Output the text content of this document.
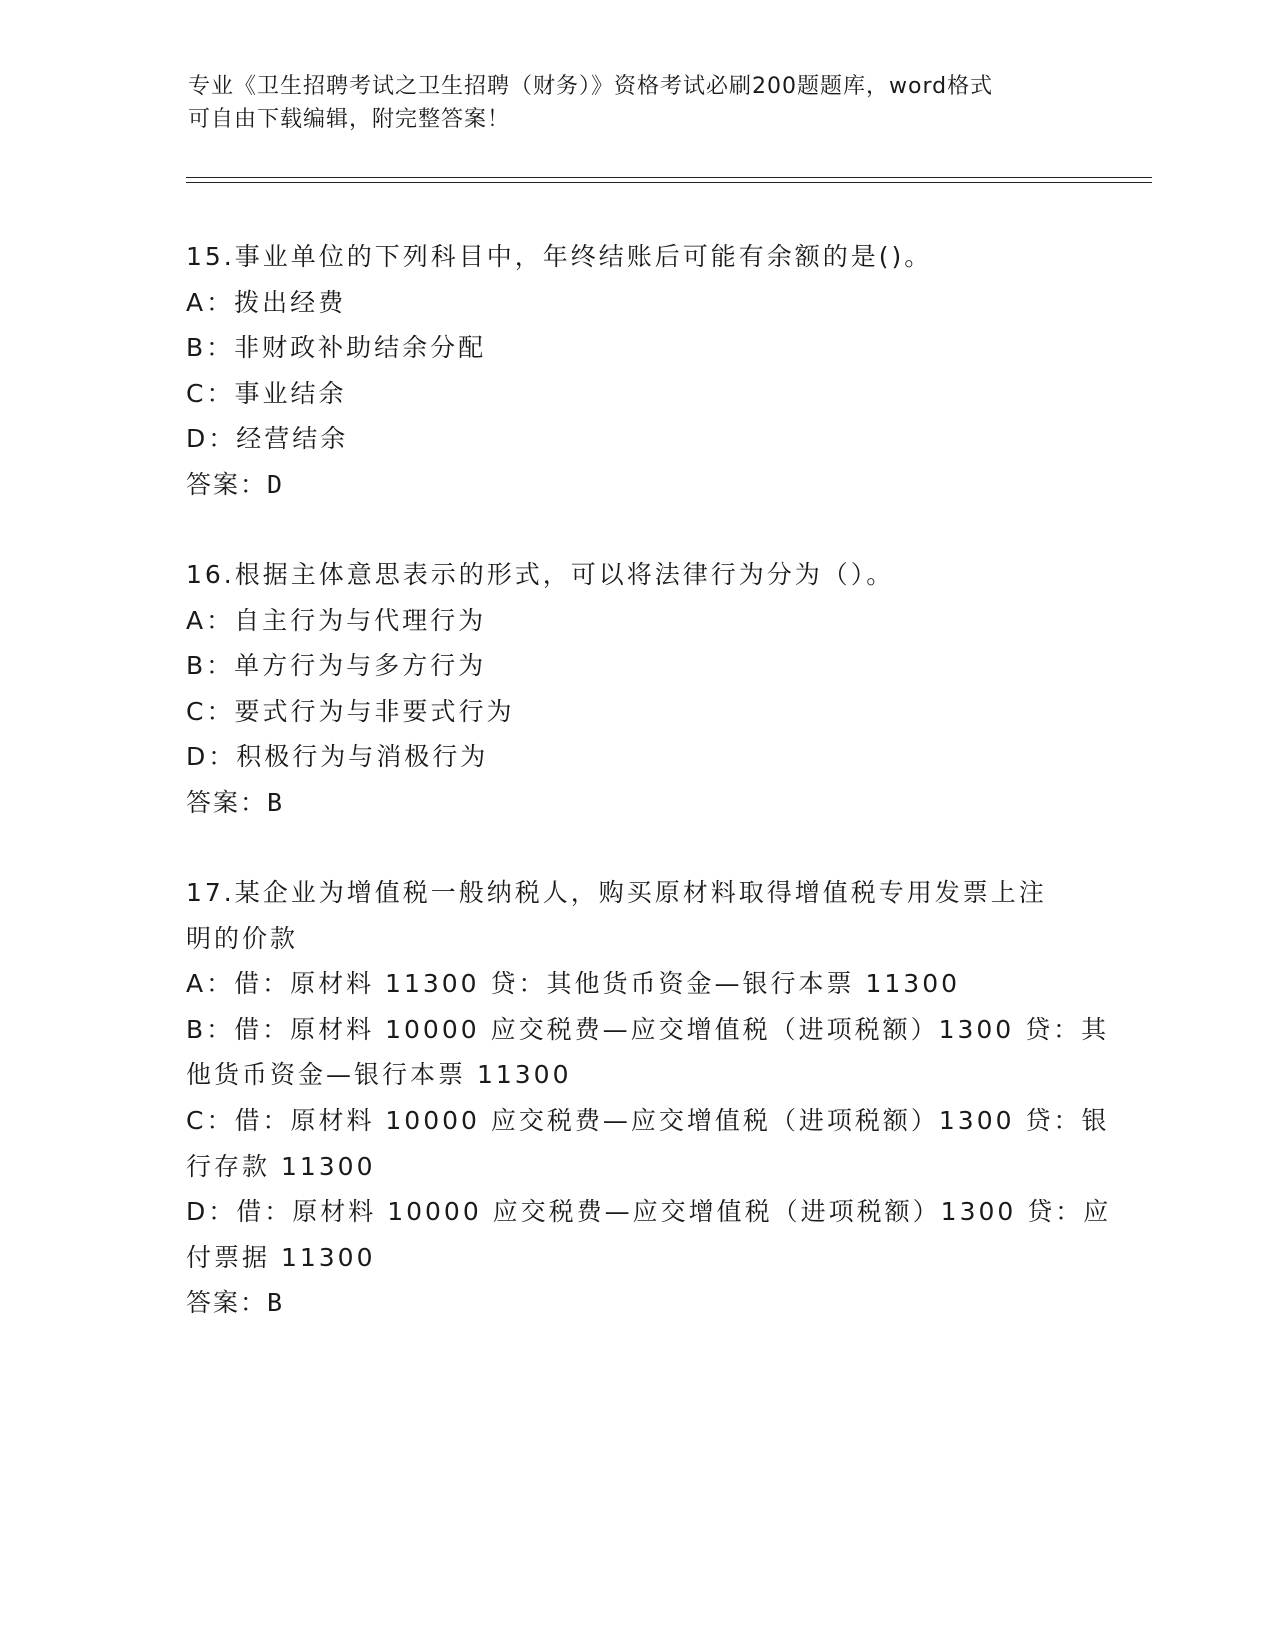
专业《卫生招聘考试之卫生招聘（财务）》资格考试必刷200题题库，word格式
可自由下载编辑，附完整答案！
15.事业单位的下列科目中，年终结账后可能有余额的是()。
A：拨出经费
B：非财政补助结余分配
C：事业结余
D：经营结余
答案：D
16.根据主体意思表示的形式，可以将法律行为分为（）。
A：自主行为与代理行为
B：单方行为与多方行为
C：要式行为与非要式行为
D：积极行为与消极行为
答案：B
17.某企业为增值税一般纳税人，购买原材料取得增值税专用发票上注
明的价款
A：借：原材料 11300 贷：其他货币资金—银行本票 11300
B：借：原材料 10000 应交税费—应交增值税（进项税额）1300 贷：其
他货币资金—银行本票 11300
C：借：原材料 10000 应交税费—应交增值税（进项税额）1300 贷：银
行存款 11300
D：借：原材料 10000 应交税费—应交增值税（进项税额）1300 贷：应
付票据 11300
答案：B
